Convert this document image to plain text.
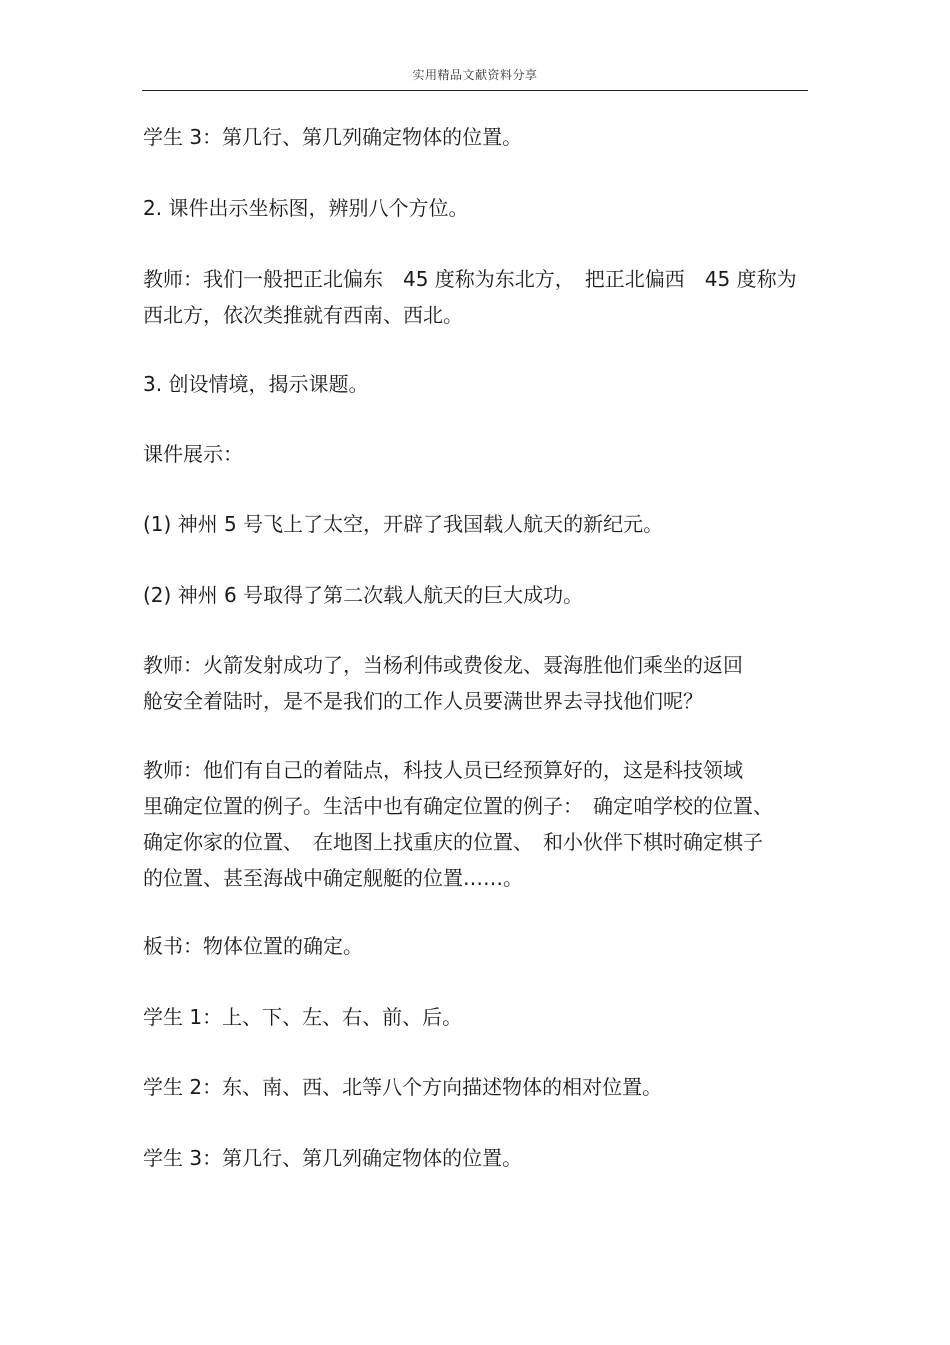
实用精品文献资料分享
学生 3：第几行、第几列确定物体的位置。
2. 课件出示坐标图，辨别八个方位。
教师：我们一般把正北偏东　45 度称为东北方，　把正北偏西　45 度称为
西北方，依次类推就有西南、西北。
3. 创设情境，揭示课题。
课件展示：
(1) 神州 5 号飞上了太空，开辟了我国载人航天的新纪元。
(2) 神州 6 号取得了第二次载人航天的巨大成功。
教师：火箭发射成功了，当杨利伟或费俊龙、聂海胜他们乘坐的返回
舱安全着陆时，是不是我们的工作人员要满世界去寻找他们呢？
教师：他们有自己的着陆点，科技人员已经预算好的，这是科技领域
里确定位置的例子。生活中也有确定位置的例子：　确定咱学校的位置、
确定你家的位置、　在地图上找重庆的位置、　和小伙伴下棋时确定棋子
的位置、甚至海战中确定舰艇的位置……。
板书：物体位置的确定。
学生 1：上、下、左、右、前、后。
学生 2：东、南、西、北等八个方向描述物体的相对位置。
学生 3：第几行、第几列确定物体的位置。
